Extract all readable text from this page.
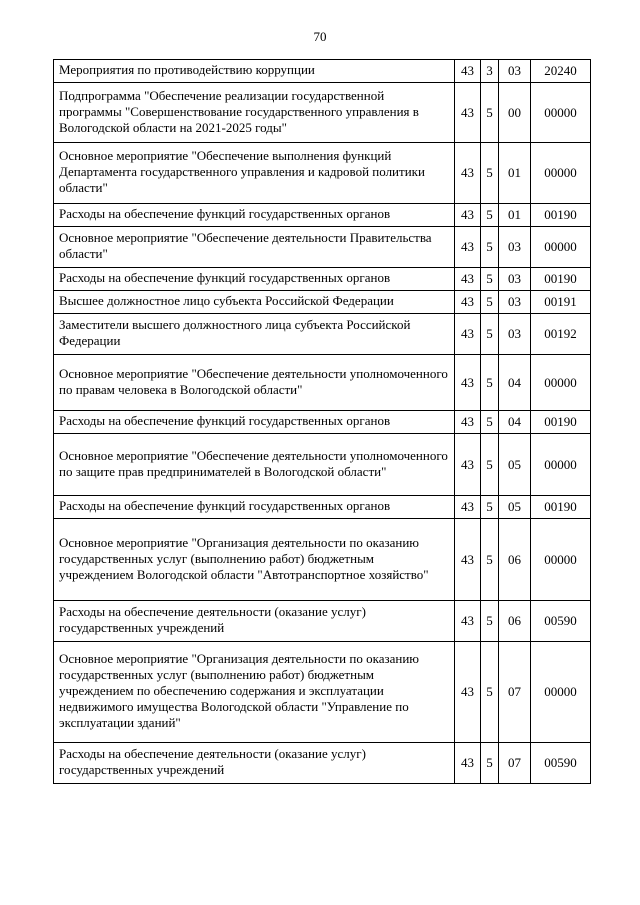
70
Мероприятия по противодействию коррупции	43	3	03	20240
Подпрограмма "Обеспечение реализации государственной программы "Совершенствование государственного управления в Вологодской области на 2021-2025 годы"	43	5	00	00000
Основное мероприятие "Обеспечение выполнения функций Департамента государственного управления и кадровой политики области"	43	5	01	00000
Расходы на обеспечение функций государственных органов	43	5	01	00190
Основное мероприятие "Обеспечение деятельности Правительства области"	43	5	03	00000
Расходы на обеспечение функций государственных органов	43	5	03	00190
Высшее должностное лицо субъекта Российской Федерации	43	5	03	00191
Заместители высшего должностного лица субъекта Российской Федерации	43	5	03	00192
Основное мероприятие "Обеспечение деятельности уполномоченного по правам человека в Вологодской области"	43	5	04	00000
Расходы на обеспечение функций государственных органов	43	5	04	00190
Основное мероприятие "Обеспечение деятельности уполномоченного по защите прав предпринимателей в Вологодской области"	43	5	05	00000
Расходы на обеспечение функций государственных органов	43	5	05	00190
Основное мероприятие "Организация деятельности по оказанию государственных услуг (выполнению работ) бюджетным учреждением Вологодской области "Автотранспортное хозяйство"	43	5	06	00000
Расходы на обеспечение деятельности (оказание услуг) государственных учреждений	43	5	06	00590
Основное мероприятие "Организация деятельности по оказанию государственных услуг (выполнению работ) бюджетным учреждением по обеспечению содержания и эксплуатации недвижимого имущества Вологодской области "Управление по эксплуатации зданий"	43	5	07	00000
Расходы на обеспечение деятельности (оказание услуг) государственных учреждений	43	5	07	00590
